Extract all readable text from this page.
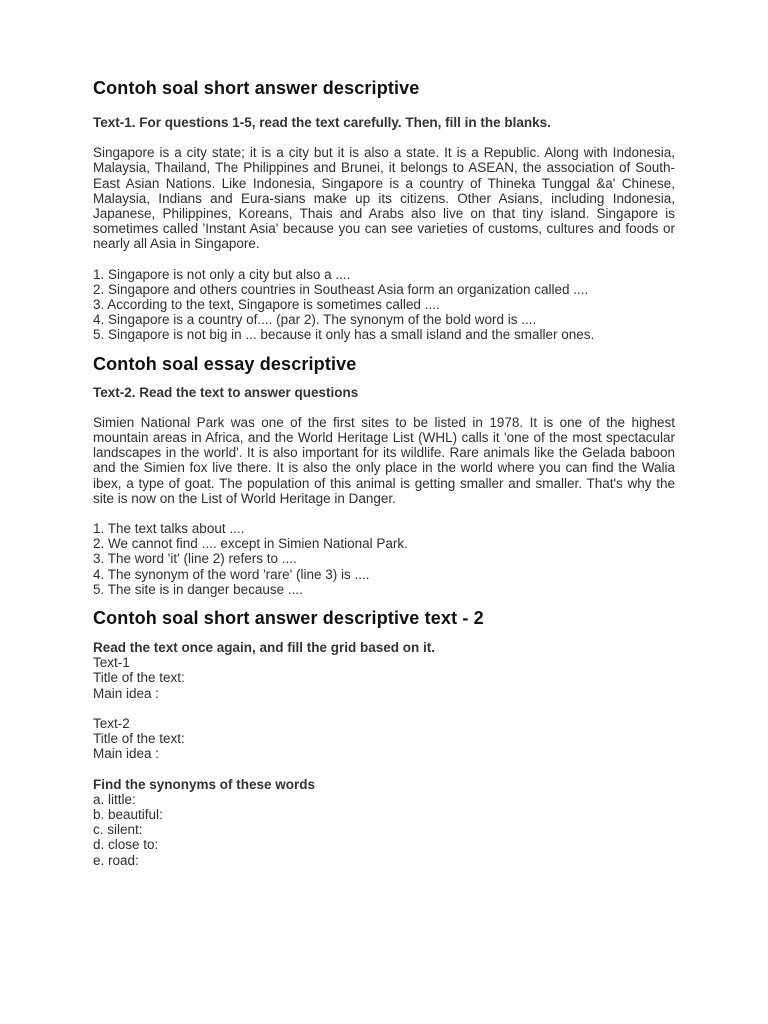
Contoh soal short answer descriptive
Text-1. For questions 1-5, read the text carefully. Then, fill in the blanks.

Singapore is a city state; it is a city but it is also a state. It is a Republic. Along with Indonesia, Malaysia, Thailand, The Philippines and Brunei, it belongs to ASEAN, the association of South-East Asian Nations. Like Indonesia, Singapore is a country of Thineka Tunggal &a' Chinese, Malaysia, Indians and Eura-sians make up its citizens. Other Asians, including Indonesia, Japanese, Philippines, Koreans, Thais and Arabs also live on that tiny island. Singapore is sometimes called 'Instant Asia' because you can see varieties of customs, cultures and foods or nearly all Asia in Singapore.

1. Singapore is not only a city but also a ....
2. Singapore and others countries in Southeast Asia form an organization called ....
3. According to the text, Singapore is sometimes called ....
4. Singapore is a country of.... (par 2). The synonym of the bold word is ....
5. Singapore is not big in ... because it only has a small island and the smaller ones.
Contoh soal essay descriptive
Text-2. Read the text to answer questions

Simien National Park was one of the first sites to be listed in 1978. It is one of the highest mountain areas in Africa, and the World Heritage List (WHL) calls it 'one of the most spectacular landscapes in the world'. It is also important for its wildlife. Rare animals like the Gelada baboon and the Simien fox live there. It is also the only place in the world where you can find the Walia ibex, a type of goat. The population of this animal is getting smaller and smaller. That's why the site is now on the List of World Heritage in Danger.

1. The text talks about ....
2. We cannot find .... except in Simien National Park.
3. The word 'it' (line 2) refers to ....
4. The synonym of the word 'rare' (line 3) is ....
5. The site is in danger because ....
Contoh soal short answer descriptive text - 2
Read the text once again, and fill the grid based on it.
Text-1
Title of the text:
Main idea :
Text-2
Title of the text:
Main idea :
Find the synonyms of these words
a. little:
b. beautiful:
c. silent:
d. close to:
e. road:
